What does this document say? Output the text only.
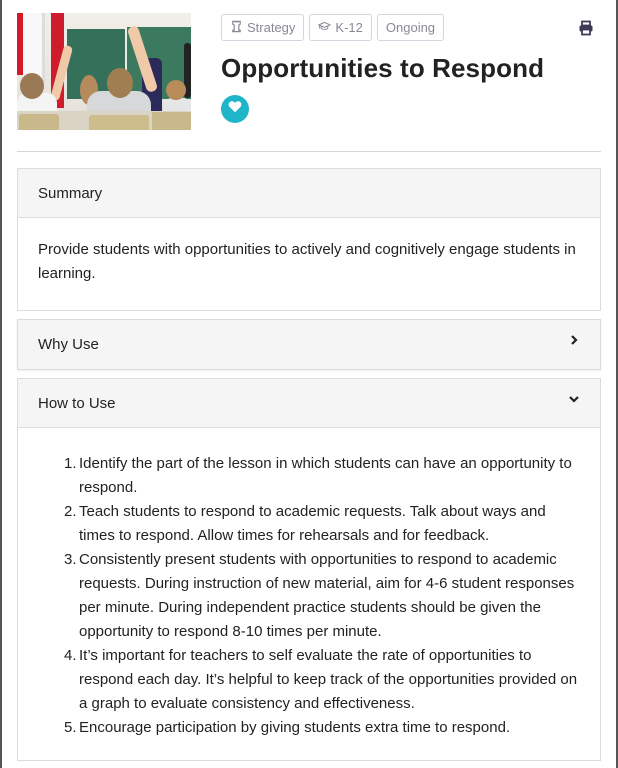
Strategy	K-12 Ongoing
Opportunities to Respond
Summary

Provide students with opportunities to actively and cognitively engage students in learning.

Why Use
How to Use
1. Identify the part of the lesson in which students can have an opportunity to respond.
2. Teach students to respond to academic requests. Talk about ways and times to respond. Allow times for rehearsals and for feedback.
3. Consistently present students with opportunities to respond to academic requests. During instruction of new material, aim for 4-6 student responses per minute. During independent practice students should be given the opportunity to respond 8-10 times per minute.
4. It’s important for teachers to self evaluate the rate of opportunities to respond each day. It’s helpful to keep track of the opportunities provided on a graph to evaluate consistency and effectiveness.
5. Encourage participation by giving students extra time to respond.
